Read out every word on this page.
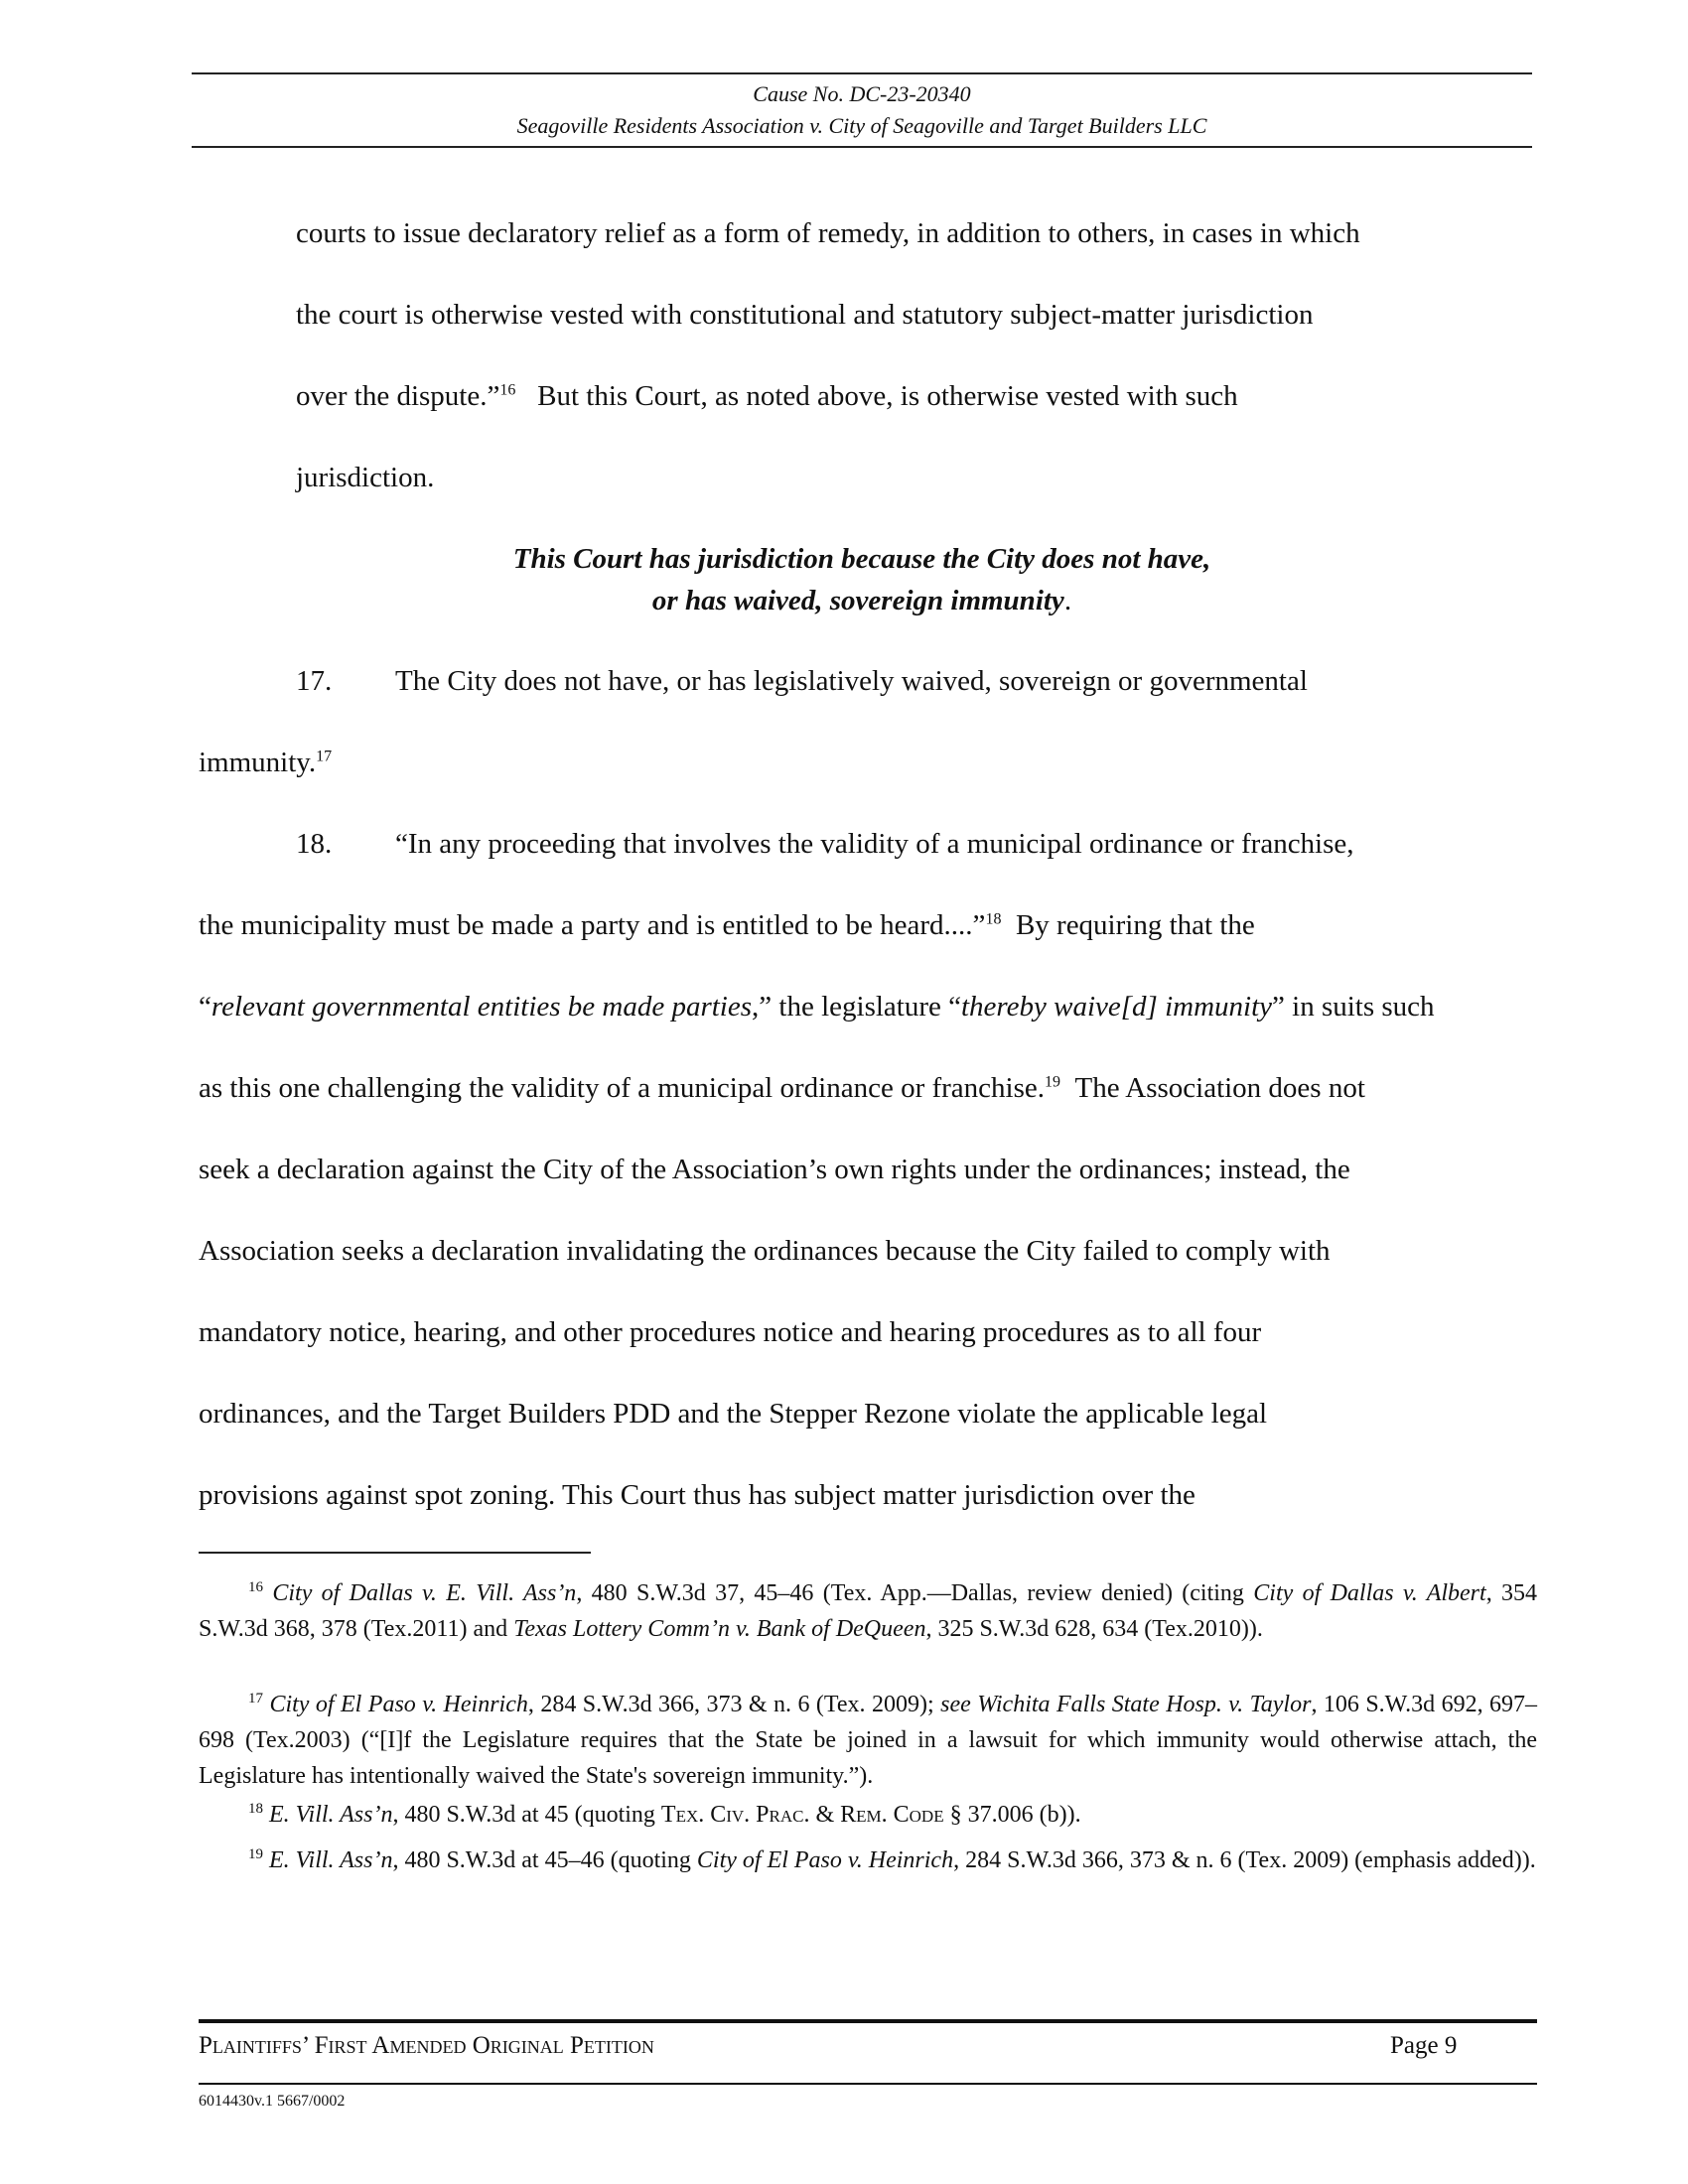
Cause No. DC-23-20340
Seagoville Residents Association v. City of Seagoville and Target Builders LLC
courts to issue declaratory relief as a form of remedy, in addition to others, in cases in which
the court is otherwise vested with constitutional and statutory subject-matter jurisdiction
over the dispute.”$^{16}$ But this Court, as noted above, is otherwise vested with such
jurisdiction.
This Court has jurisdiction because the City does not have,
or has waived, sovereign immunity.
17. The City does not have, or has legislatively waived, sovereign or governmental
immunity.$^{17}$
18. “In any proceeding that involves the validity of a municipal ordinance or franchise,
the municipality must be made a party and is entitled to be heard....”$^{18}$ By requiring that the
“relevant governmental entities be made parties,” the legislature “thereby waive[d] immunity” in suits such
as this one challenging the validity of a municipal ordinance or franchise.$^{19}$ The Association does not
seek a declaration against the City of the Association’s own rights under the ordinances; instead, the
Association seeks a declaration invalidating the ordinances because the City failed to comply with
mandatory notice, hearing, and other procedures notice and hearing procedures as to all four
ordinances, and the Target Builders PDD and the Stepper Rezone violate the applicable legal
provisions against spot zoning. This Court thus has subject matter jurisdiction over the
$^{16}$ City of Dallas v. E. Vill. Ass’n, 480 S.W.3d 37, 45–46 (Tex. App.—Dallas, review denied) (citing City of Dallas v. Albert, 354 S.W.3d 368, 378 (Tex.2011) and Texas Lottery Comm’n v. Bank of DeQueen, 325 S.W.3d 628, 634 (Tex.2010)).
$^{17}$ City of El Paso v. Heinrich, 284 S.W.3d 366, 373 & n. 6 (Tex. 2009); see Wichita Falls State Hosp. v. Taylor, 106 S.W.3d 692, 697–698 (Tex.2003) (“[I]f the Legislature requires that the State be joined in a lawsuit for which immunity would otherwise attach, the Legislature has intentionally waived the State's sovereign immunity.”).
$^{18}$ E. Vill. Ass’n, 480 S.W.3d at 45 (quoting Tex. Civ. Prac. & Rem. Code § 37.006 (b)).
$^{19}$ E. Vill. Ass’n, 480 S.W.3d at 45–46 (quoting City of El Paso v. Heinrich, 284 S.W.3d 366, 373 & n. 6 (Tex. 2009) (emphasis added)).
Plaintiffs’ First Amended Original Petition	Page 9
6014430v.1 5667/0002
